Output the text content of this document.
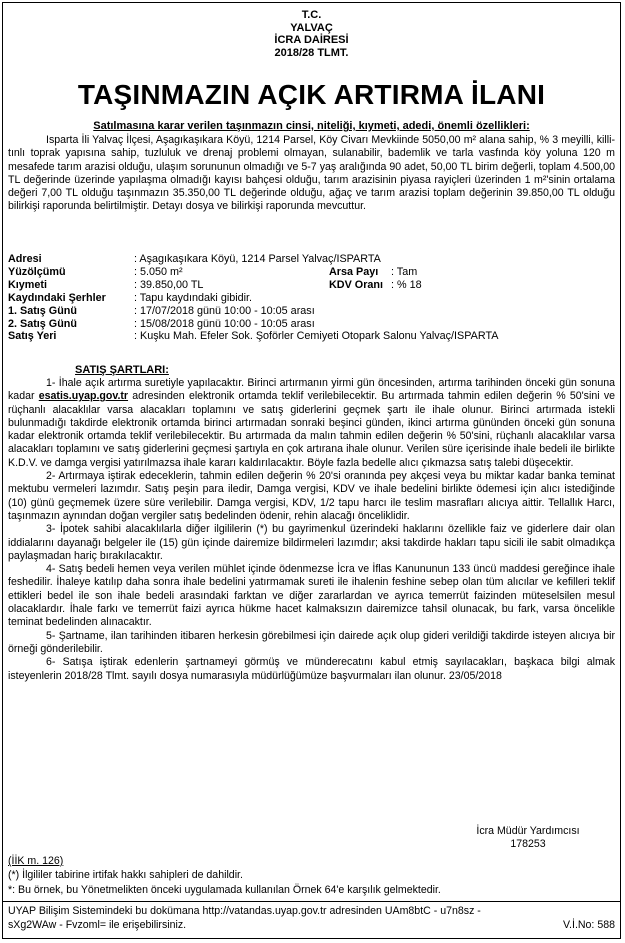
T.C.
YALVAÇ
İCRA DAİRESİ
2018/28 TLMT.
TAŞINMAZIN AÇIK ARTIRMA İLANI
Satılmasına karar verilen taşınmazın cinsi, niteliği, kıymeti, adedi, önemli özellikleri:
Isparta İli Yalvaç İlçesi, Aşagıkaşıkara Köyü, 1214 Parsel, Köy Civarı Mevkiinde 5050,00 m² alana sahip, % 3 meyilli, killi-tınlı toprak yapısına sahip, tuzluluk ve drenaj problemi olmayan, sulanabilir, bademlik ve tarla vasfında köy yoluna 120 m mesafede tarım arazisi olduğu, ulaşım sorununun olmadığı ve 5-7 yaş aralığında 90 adet, 50,00 TL birim değerli, toplam 4.500,00 TL değerinde üzerinde yapılaşma olmadığı kayısı bahçesi olduğu, tarım arazisinin piyasa rayiçleri üzerinden 1 m²'sinin ortalama değeri 7,00 TL olduğu taşınmazın 35.350,00 TL değerinde olduğu, ağaç ve tarım arazisi toplam değerinin 39.850,00 TL olduğu bilirkişi raporunda belirtilmiştir. Detayı dosya ve bilirkişi raporunda mevcuttur.
Adresi	: Aşagıkaşıkara Köyü, 1214 Parsel Yalvaç/ISPARTA		
Yüzölçümü	: 5.050 m²	Arsa Payı	: Tam
Kıymeti	: 39.850,00 TL	KDV Oranı	: % 18
Kaydındaki Şerhler	: Tapu kaydındaki gibidir.		
1. Satış Günü	: 17/07/2018 günü 10:00 - 10:05 arası		
2. Satış Günü	: 15/08/2018 günü 10:00 - 10:05 arası		
Satış Yeri	: Kuşku Mah. Efeler Sok. Şoförler Cemiyeti Otopark Salonu Yalvaç/ISPARTA		
SATIŞ ŞARTLARI:

1- İhale açık artırma suretiyle yapılacaktır. Birinci artırmanın yirmi gün öncesinden, artırma tarihinden önceki gün sonuna kadar esatis.uyap.gov.tr adresinden elektronik ortamda teklif verilebilecektir. Bu artırmada tahmin edilen değerin % 50'sini ve rüçhanlı alacaklılar varsa alacakları toplamını ve satış giderlerini geçmek şartı ile ihale olunur. Birinci artırmada istekli bulunmadığı takdirde elektronik ortamda birinci artırmadan sonraki beşinci günden, ikinci artırma gününden önceki gün sonuna kadar elektronik ortamda teklif verilebilecektir. Bu artırmada da malın tahmin edilen değerin % 50'sini, rüçhanlı alacaklılar varsa alacakları toplamını ve satış giderlerini geçmesi şartıyla en çok artırana ihale olunur. Verilen süre içerisinde ihale bedeli ile birlikte K.D.V. ve damga vergisi yatırılmazsa ihale kararı kaldırılacaktır. Böyle fazla bedelle alıcı çıkmazsa satış talebi düşecektir.

2- Artırmaya iştirak edeceklerin, tahmin edilen değerin % 20'si oranında pey akçesi veya bu miktar kadar banka teminat mektubu vermeleri lazımdır. Satış peşin para iledir, Damga vergisi, KDV ve ihale bedelini birlikte ödemesi için alıcı istediğinde (10) günü geçmemek üzere süre verilebilir. Damga vergisi, KDV, 1/2 tapu harcı ile teslim masrafları alıcıya aittir. Tellallık Harcı, taşınmazın aynından doğan vergiler satış bedelinden ödenir, rehin alacağı önceliklidir.

3- İpotek sahibi alacaklılarla diğer ilgililerin (*) bu gayrimenkul üzerindeki haklarını özellikle faiz ve giderlere dair olan iddialarını dayanağı belgeler ile (15) gün içinde dairemize bildirmeleri lazımdır; aksi takdirde hakları tapu sicili ile sabit olmadıkça paylaşmadan hariç bırakılacaktır.

4- Satış bedeli hemen veya verilen mühlet içinde ödenmezse İcra ve İflas Kanununun 133 üncü maddesi gereğince ihale feshedilir. İhaleye katılıp daha sonra ihale bedelini yatırmamak sureti ile ihalenin feshine sebep olan tüm alıcılar ve kefilleri teklif ettikleri bedel ile son ihale bedeli arasındaki farktan ve diğer zararlardan ve ayrıca temerrüt faizinden müteselsilen mesul olacaklardır. İhale farkı ve temerrüt faizi ayrıca hükme hacet kalmaksızın dairemizce tahsil olunacak, bu fark, varsa öncelikle teminat bedelinden alınacaktır.

5- Şartname, ilan tarihinden itibaren herkesin görebilmesi için dairede açık olup gideri verildiği takdirde isteyen alıcıya bir örneği gönderilebilir.

6- Satışa iştirak edenlerin şartnameyi görmüş ve münderecatını kabul etmiş sayılacakları, başkaca bilgi almak isteyenlerin 2018/28 Tlmt. sayılı dosya numarasıyla müdürlüğümüze başvurmaları ilan olunur. 23/05/2018

İcra Müdür Yardımcısı
178253
(İİK m. 126)
(*) İlgililer tabirine irtifak hakkı sahipleri de dahildir.
*: Bu örnek, bu Yönetmelikten önceki uygulamada kullanılan Örnek 64'e karşılık gelmektedir.
UYAP Bilişim Sistemindeki bu dokümana http://vatandas.uyap.gov.tr adresinden UAm8btC - u7n8sz -
sXg2WAw - Fvzoml= ile erişebilirsiniz.	V.İ.No: 588
